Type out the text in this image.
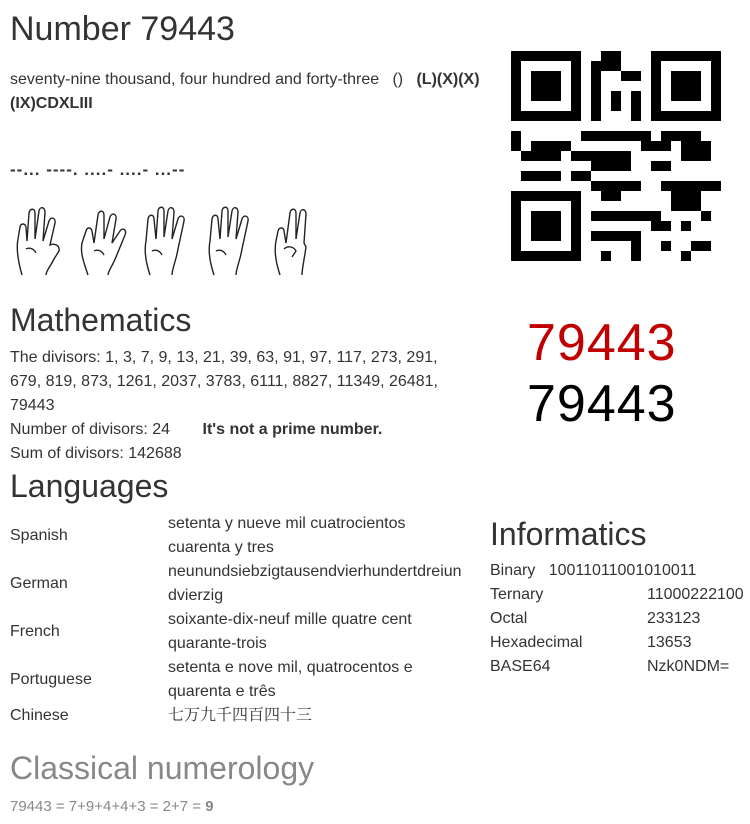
Number 79443
seventy-nine thousand, four hundred and forty-three () (L)(X)(X)(IX)CDXLIII
--... ----. ....- ....- ...--
Mathematics
The divisors: 1, 3, 7, 9, 13, 21, 39, 63, 91, 97, 117, 273, 291,
679, 819, 873, 1261, 2037, 3783, 6111, 8827, 11349, 26481,
79443
Number of divisors: 24 It's not a prime number.
Sum of divisors: 142688
79443
79443
Languages
Spanish	setenta y nueve mil cuatrocientos
cuarenta y tres

German	neunundsiebzigtausendvierhundertdreiun
dvierzig

French	soixante-dix-neuf mille quatre cent
quarante-trois

Portuguese	setenta e nove mil, quatrocentos e
quarenta e três

Chinese	七万九千四百四十三
Informatics
Binary 10011011001010011
Ternary	11000222100
Octal	233123
Hexadecimal	13653
BASE64	Nzk0NDM=
Classical numerology
79443 = 7+9+4+4+3 = 2+7 = 9
